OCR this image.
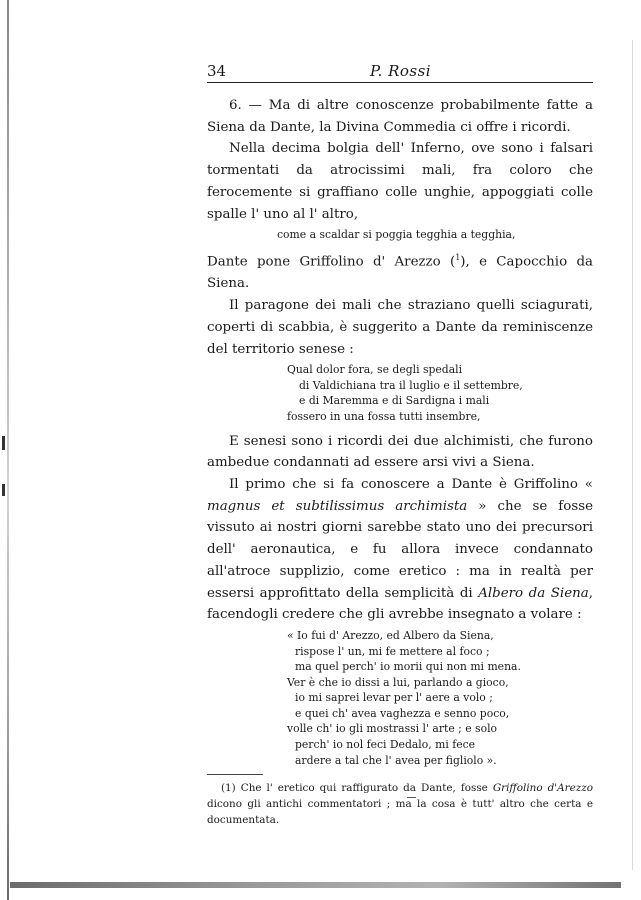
34	P. Rossi

6. — Ma di altre conoscenze probabilmente fatte a Siena da Dante, la Divina Commedia ci offre i ricordi.

Nella decima bolgia dell' Inferno, ove sono i falsari tormentati da atrocissimi mali, fra coloro che ferocemente si graffiano colle unghie, appoggiati colle spalle l' uno al l' altro,

come a scaldar si poggia tegghia a tegghia,

Dante pone Griffolino d' Arezzo ($^1$), e Capocchio da Siena.

Il paragone dei mali che straziano quelli sciagurati, coperti di scabbia, è suggerito a Dante da reminiscenze del territorio senese :

Qual dolor fora, se degli spedali
di Valdichiana tra il luglio e il settembre,
e di Maremma e di Sardigna i mali
fossero in una fossa tutti insembre,

E senesi sono i ricordi dei due alchimisti, che furono ambedue condannati ad essere arsi vivi a Siena.

Il primo che si fa conoscere a Dante è Griffolino « magnus et subtilissimus archimista » che se fosse vissuto ai nostri giorni sarebbe stato uno dei precursori dell' aeronautica, e fu allora invece condannato all'atroce supplizio, come eretico : ma in realtà per essersi approfittato della semplicità di Albero da Siena, facendogli credere che gli avrebbe insegnato a volare :

« Io fui d' Arezzo, ed Albero da Siena,
rispose l' un, mi fe mettere al foco ;
ma quel perch' io morii qui non mi mena.
Ver è che io dissi a lui, parlando a gioco,
io mi saprei levar per l' aere a volo ;
e quei ch' avea vaghezza e senno poco,
volle ch' io gli mostrassi l' arte ; e solo
perch' io nol feci Dedalo, mi fece
ardere a tal che l' avea per figliolo ».

(1) Che l' eretico qui raffigurato da Dante, fosse Griffolino d'Arezzo dicono gli antichi commentatori ; ma la cosa è tutt' altro che certa e documentata.
